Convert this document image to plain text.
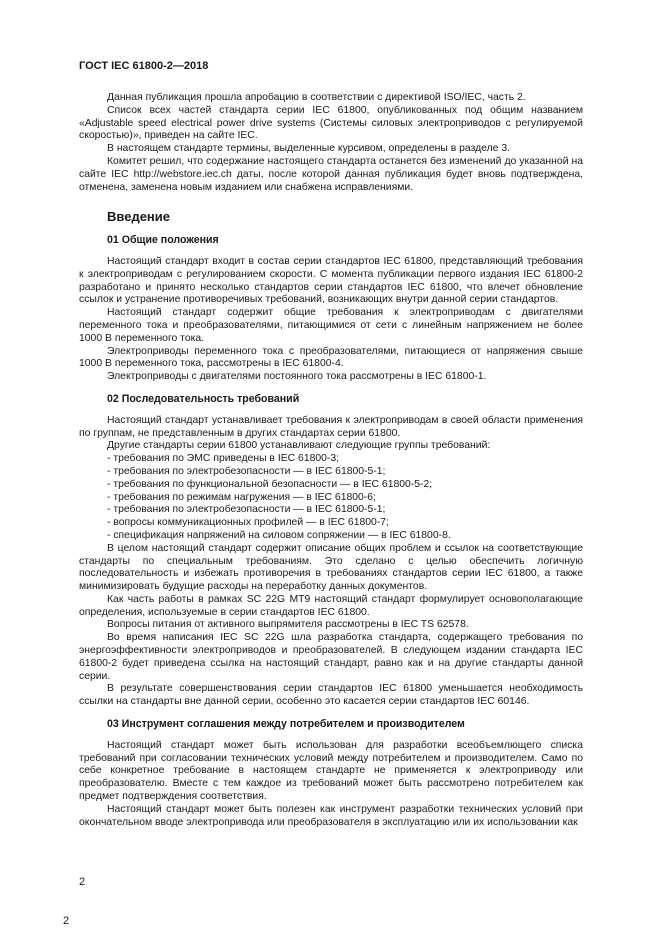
ГОСТ IEC 61800-2—2018

Данная публикация прошла апробацию в соответствии с директивой ISO/IEC, часть 2.

Список всех частей стандарта серии IEC 61800, опубликованных под общим названием «Adjustable speed electrical power drive systems (Системы силовых электроприводов с регулируемой скоростью)», приведен на сайте IEC.

В настоящем стандарте термины, выделенные курсивом, определены в разделе 3.

Комитет решил, что содержание настоящего стандарта останется без изменений до указанной на сайте IEC http://webstore.iec.ch даты, после которой данная публикация будет вновь подтверждена, отменена, заменена новым изданием или снабжена исправлениями.

Введение
01 Общие положения

Настоящий стандарт входит в состав серии стандартов IEC 61800, представляющий требования к электроприводам с регулированием скорости. С момента публикации первого издания IEC 61800-2 разработано и принято несколько стандартов серии стандартов IEC 61800, что влечет обновление ссылок и устранение противоречивых требований, возникающих внутри данной серии стандартов.

Настоящий стандарт содержит общие требования к электроприводам с двигателями переменного тока и преобразователями, питающимися от сети с линейным напряжением не более 1000 В переменного тока.

Электроприводы переменного тока с преобразователями, питающиеся от напряжения свыше 1000 В переменного тока, рассмотрены в IEC 61800-4.

Электроприводы с двигателями постоянного тока рассмотрены в IEC 61800-1.

02 Последовательность требований

Настоящий стандарт устанавливает требования к электроприводам в своей области применения по группам, не представленным в других стандартах серии 61800.

Другие стандарты серии 61800 устанавливают следующие группы требований:

- требования по ЭМС приведены в IEC 61800-3;
- требования по электробезопасности — в IEC 61800-5-1;
- требования по функциональной безопасности — в IEC 61800-5-2;
- требования по режимам нагружения — в IEC 61800-6;
- требования по электробезопасности — в IEC 61800-5-1;
- вопросы коммуникационных профилей — в IEC 61800-7;
- спецификация напряжений на силовом сопряжении — в IEC 61800-8.

В целом настоящий стандарт содержит описание общих проблем и ссылок на соответствующие стандарты по специальным требованиям. Это сделано с целью обеспечить логичную последовательность и избежать противоречия в требованиях стандартов серии IEC 61800, а также минимизировать будущие расходы на переработку данных документов.

Как часть работы в рамках SC 22G MT9 настоящий стандарт формулирует основополагающие определения, используемые в серии стандартов IEC 61800.

Вопросы питания от активного выпрямителя рассмотрены в IEC TS 62578.

Во время написания IEC SC 22G шла разработка стандарта, содержащего требования по энергоэффективности электроприводов и преобразователей. В следующем издании стандарта IEC 61800-2 будет приведена ссылка на настоящий стандарт, равно как и на другие стандарты данной серии.

В результате совершенствования серии стандартов IEC 61800 уменьшается необходимость ссылки на стандарты вне данной серии, особенно это касается серии стандартов IEC 60146.

03 Инструмент соглашения между потребителем и производителем

Настоящий стандарт может быть использован для разработки всеобъемлющего списка требований при согласовании технических условий между потребителем и производителем. Само по себе конкретное требование в настоящем стандарте не применяется к электроприводу или преобразователю. Вместе с тем каждое из требований может быть рассмотрено потребителем как предмет подтверждения соответствия.

Настоящий стандарт может быть полезен как инструмент разработки технических условий при окончательном вводе электропривода или преобразователя в эксплуатацию или их использовании как

2
2
